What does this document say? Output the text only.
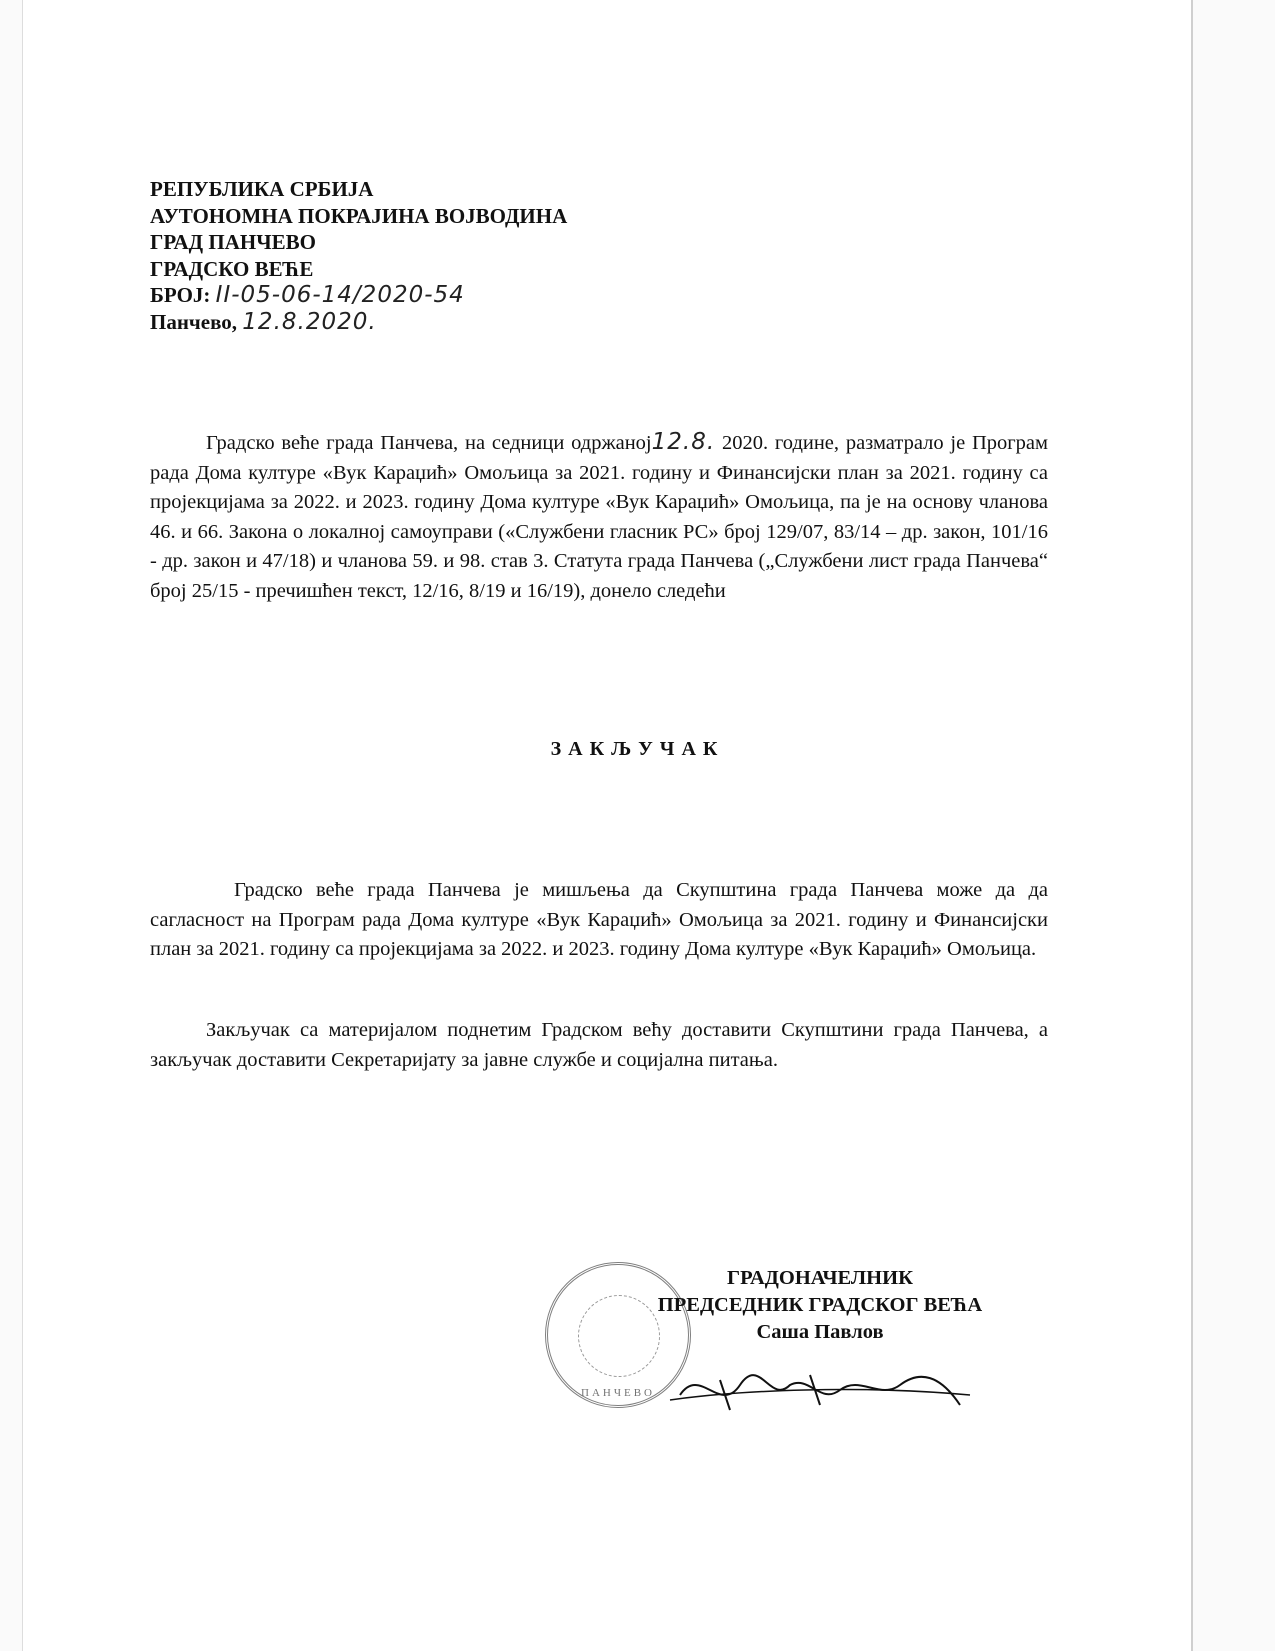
РЕПУБЛИКА СРБИЈА
АУТОНОМНА ПОКРАЈИНА ВОЈВОДИНА
ГРАД ПАНЧЕВО
ГРАДСКО ВЕЋЕ
БРОЈ: II-05-06-14/2020-54
Панчево, 12.8.2020.
Градско веће града Панчева, на седници одржаној12.8. 2020. године, разматрало је Програм рада Дома културе «Вук Караџић» Омољица за 2021. годину и Финансијски план за 2021. годину са пројекцијама за 2022. и 2023. годину Дома културе «Вук Караџић» Омољица, па је на основу чланова 46. и 66. Закона о локалној самоуправи («Службени гласник РС» број 129/07, 83/14 – др. закон, 101/16 - др. закон и 47/18) и чланова 59. и 98. став 3. Статута града Панчева („Службени лист града Панчева“ број 25/15 - пречишћен текст, 12/16, 8/19 и 16/19), донело следећи
ЗАКЉУЧАК
Градско веће града Панчева је мишљења да Скупштина града Панчева може да да сагласност на Програм рада Дома културе «Вук Караџић» Омољица за 2021. годину и Финансијски план за 2021. годину са пројекцијама за 2022. и 2023. годину Дома културе «Вук Караџић» Омољица.
Закључак са материјалом поднетим Градском већу доставити Скупштини града Панчева, а закључак доставити Секретаријату за јавне службе и социјална питања.
ПАНЧЕВО
ГРАДОНАЧЕЛНИК
ПРЕДСЕДНИК ГРАДСКОГ ВЕЋА
Саша Павлов
